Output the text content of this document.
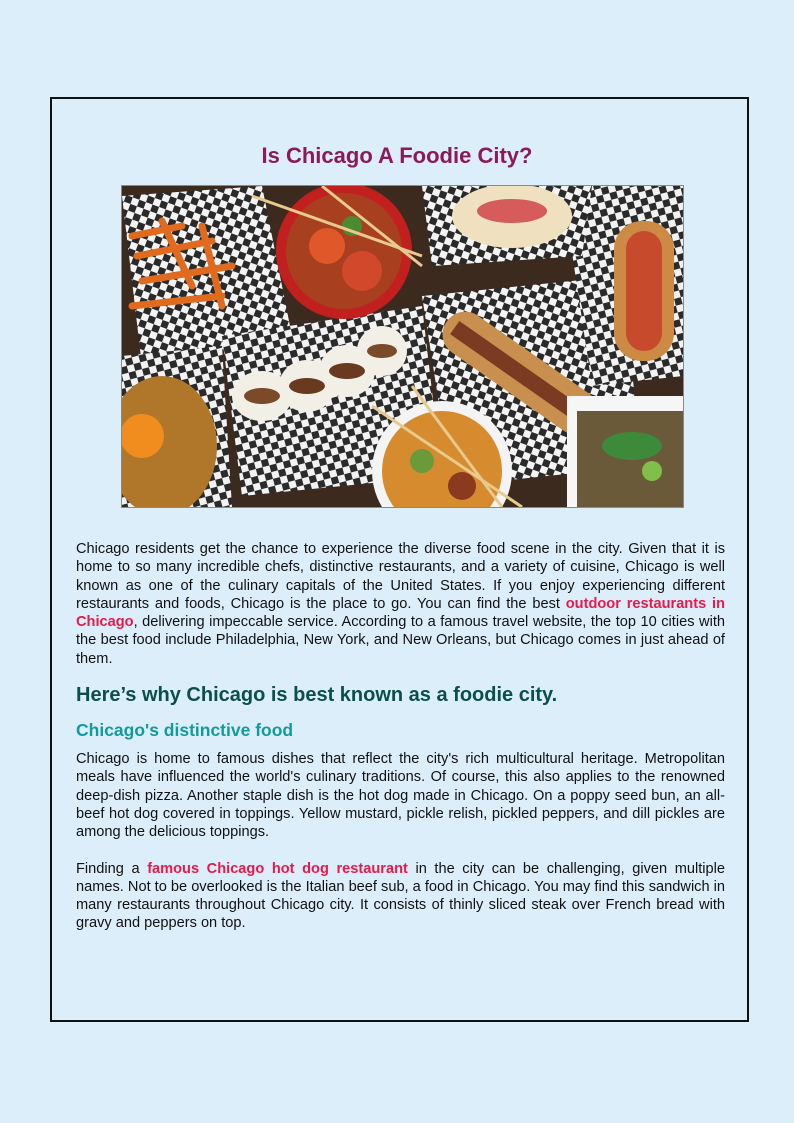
Is Chicago A Foodie City?

Chicago residents get the chance to experience the diverse food scene in the city. Given that it is home to so many incredible chefs, distinctive restaurants, and a variety of cuisine, Chicago is well known as one of the culinary capitals of the United States. If you enjoy experiencing different restaurants and foods, Chicago is the place to go. You can find the best outdoor restaurants in Chicago, delivering impeccable service. According to a famous travel website, the top 10 cities with the best food include Philadelphia, New York, and New Orleans, but Chicago comes in just ahead of them.

Here’s why Chicago is best known as a foodie city.
Chicago's distinctive food

Chicago is home to famous dishes that reflect the city's rich multicultural heritage. Metropolitan meals have influenced the world's culinary traditions. Of course, this also applies to the renowned deep-dish pizza. Another staple dish is the hot dog made in Chicago. On a poppy seed bun, an all-beef hot dog covered in toppings. Yellow mustard, pickle relish, pickled peppers, and dill pickles are among the delicious toppings.

Finding a famous Chicago hot dog restaurant in the city can be challenging, given multiple names. Not to be overlooked is the Italian beef sub, a food in Chicago. You may find this sandwich in many restaurants throughout Chicago city. It consists of thinly sliced steak over French bread with gravy and peppers on top.
